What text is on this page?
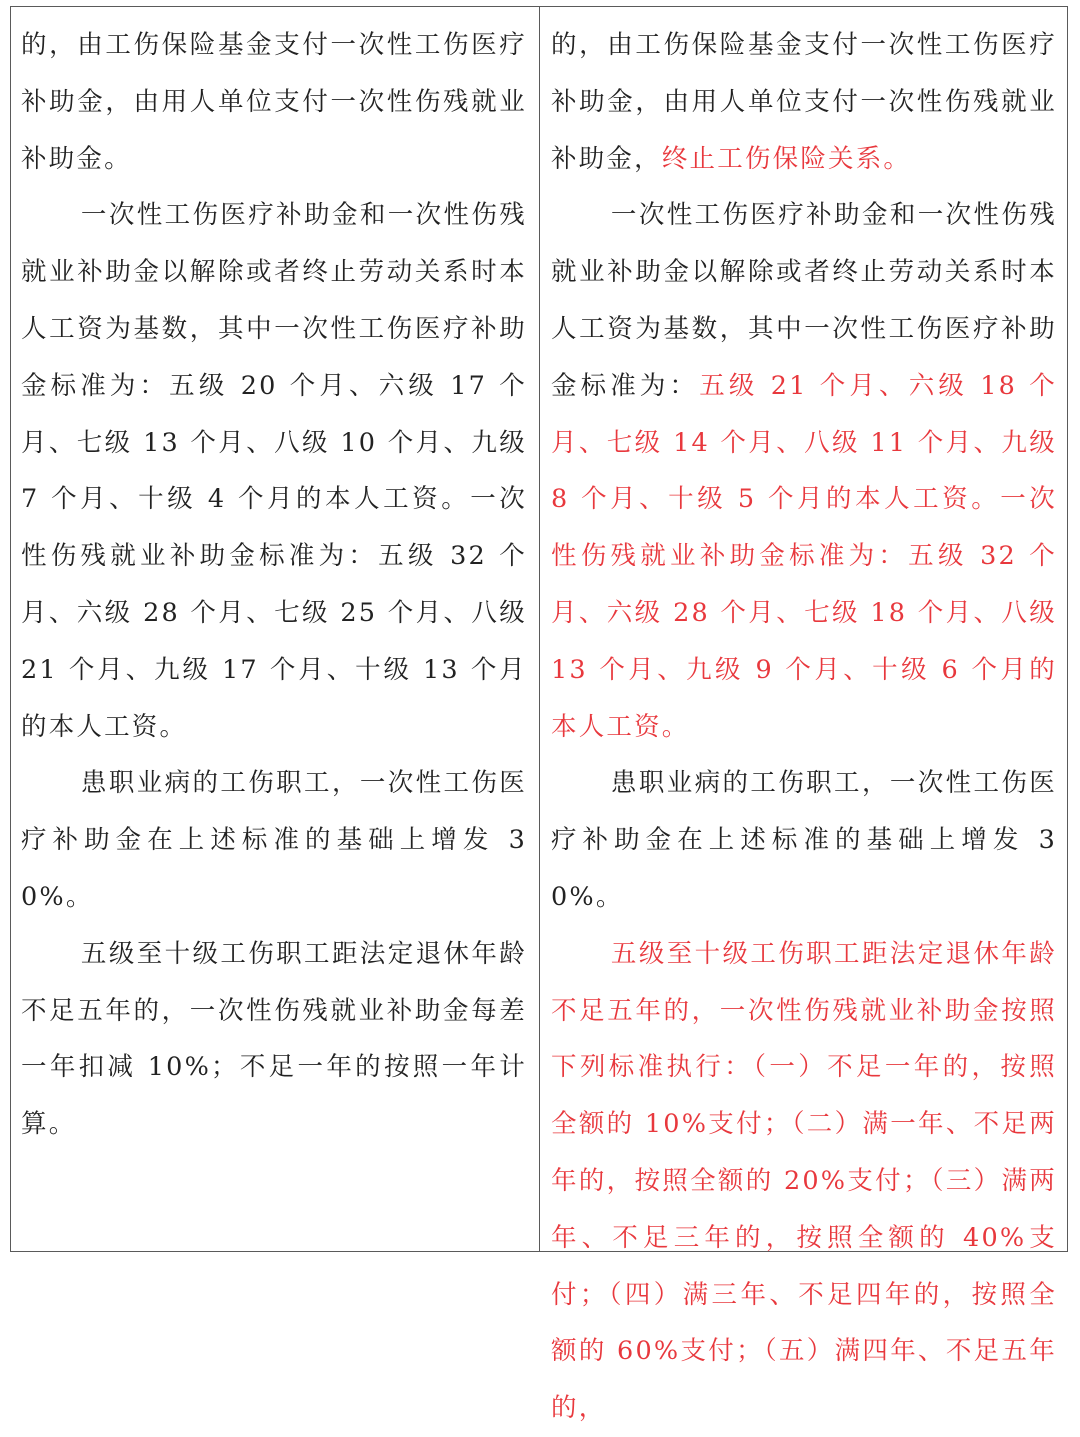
的，由工伤保险基金支付一次性工伤医疗补助金，由用人单位支付一次性伤残就业补助金。

一次性工伤医疗补助金和一次性伤残就业补助金以解除或者终止劳动关系时本人工资为基数，其中一次性工伤医疗补助金标准为：五级 20 个月、六级 17 个月、七级 13 个月、八级 10 个月、九级 7 个月、十级 4 个月的本人工资。一次性伤残就业补助金标准为：五级 32 个月、六级 28 个月、七级 25 个月、八级 21 个月、九级 17 个月、十级 13 个月的本人工资。

患职业病的工伤职工，一次性工伤医疗补助金在上述标准的基础上增发 30%。

五级至十级工伤职工距法定退休年龄不足五年的，一次性伤残就业补助金每差一年扣减 10%；不足一年的按照一年计算。

的，由工伤保险基金支付一次性工伤医疗补助金，由用人单位支付一次性伤残就业补助金，终止工伤保险关系。

一次性工伤医疗补助金和一次性伤残就业补助金以解除或者终止劳动关系时本人工资为基数，其中一次性工伤医疗补助金标准为：五级 21 个月、六级 18 个月、七级 14 个月、八级 11 个月、九级 8 个月、十级 5 个月的本人工资。一次性伤残就业补助金标准为：五级 32 个月、六级 28 个月、七级 18 个月、八级 13 个月、九级 9 个月、十级 6 个月的本人工资。

患职业病的工伤职工，一次性工伤医疗补助金在上述标准的基础上增发 30%。

五级至十级工伤职工距法定退休年龄不足五年的，一次性伤残就业补助金按照下列标准执行：（一）不足一年的，按照全额的 10%支付；（二）满一年、不足两年的，按照全额的 20%支付；（三）满两年、不足三年的，按照全额的 40%支付；（四）满三年、不足四年的，按照全额的 60%支付；（五）满四年、不足五年的，
